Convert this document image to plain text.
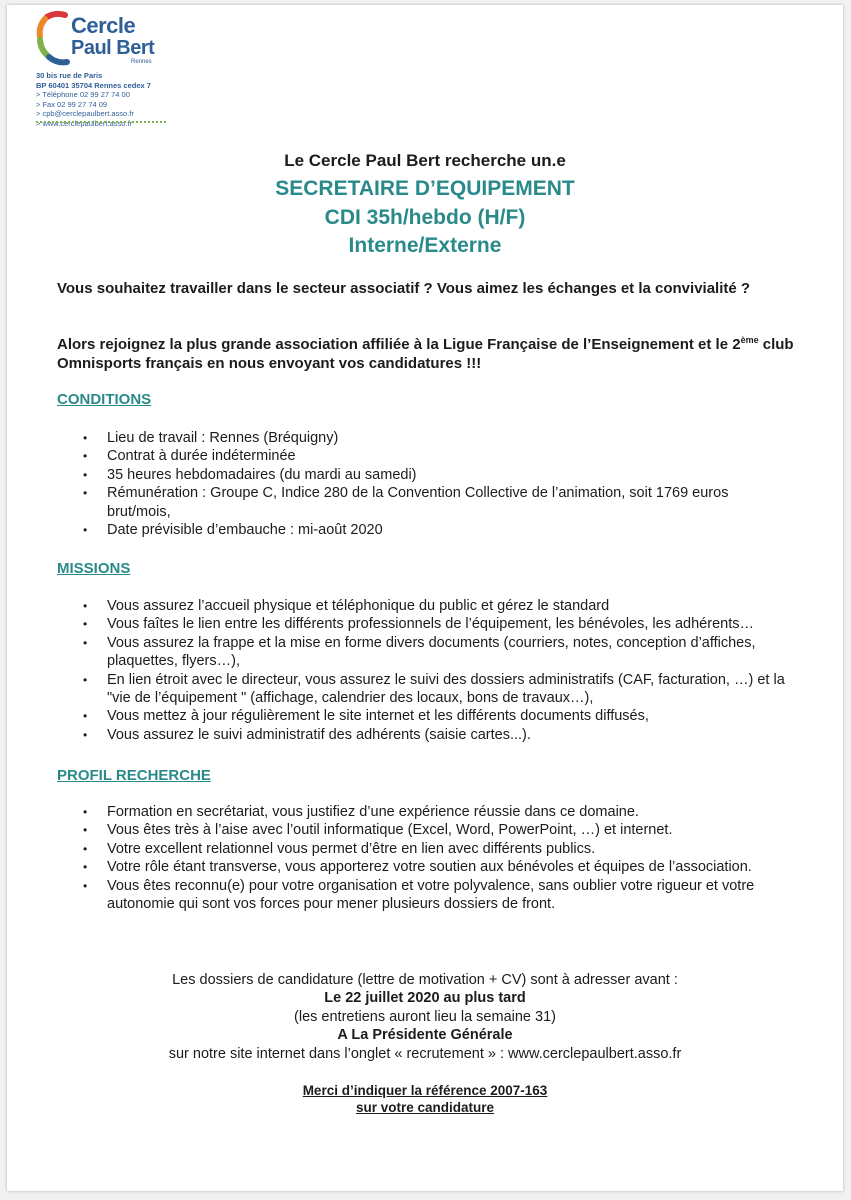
Cercle
Paul Bert
Rennes
30 bis rue de Paris
BP 60401 35704 Rennes cedex 7
> Téléphone 02 99 27 74 00
> Fax 02 99 27 74 09
> cpb@cerclepaulbert.asso.fr
> www.cerclepaulbert.asso.fr
Le Cercle Paul Bert recherche un.e
SECRETAIRE D’EQUIPEMENT
CDI 35h/hebdo (H/F)
Interne/Externe
Vous souhaitez travailler dans le secteur associatif ? Vous aimez les échanges et la convivialité ?
Alors rejoignez la plus grande association affiliée à la Ligue Française de l’Enseignement et le 2ème club Omnisports français en nous envoyant vos candidatures !!!
CONDITIONS
• Lieu de travail : Rennes (Bréquigny)
• Contrat à durée indéterminée
• 35 heures hebdomadaires (du mardi au samedi)
• Rémunération : Groupe C, Indice 280 de la Convention Collective de l’animation, soit 1769 euros brut/mois,
• Date prévisible d’embauche : mi-août 2020
MISSIONS
• Vous assurez l’accueil physique et téléphonique du public et gérez le standard
• Vous faîtes le lien entre les différents professionnels de l’équipement, les bénévoles, les adhérents…
• Vous assurez la frappe et la mise en forme divers documents (courriers, notes, conception d’affiches, plaquettes, flyers…),
• En lien étroit avec le directeur, vous assurez le suivi des dossiers administratifs (CAF, facturation, …) et la "vie de l’équipement " (affichage, calendrier des locaux, bons de travaux…),
• Vous mettez à jour régulièrement le site internet et les différents documents diffusés,
• Vous assurez le suivi administratif des adhérents (saisie cartes...).
PROFIL RECHERCHE
• Formation en secrétariat, vous justifiez d’une expérience réussie dans ce domaine.
• Vous êtes très à l’aise avec l’outil informatique (Excel, Word, PowerPoint, …) et internet.
• Votre excellent relationnel vous permet d’être en lien avec différents publics.
• Votre rôle étant transverse, vous apporterez votre soutien aux bénévoles et équipes de l’association.
• Vous êtes reconnu(e) pour votre organisation et votre polyvalence, sans oublier votre rigueur et votre autonomie qui sont vos forces pour mener plusieurs dossiers de front.
Les dossiers de candidature (lettre de motivation + CV) sont à adresser avant :
Le 22 juillet 2020 au plus tard
(les entretiens auront lieu la semaine 31)
A La Présidente Générale
sur notre site internet dans l’onglet « recrutement » : www.cerclepaulbert.asso.fr
Merci d’indiquer la référence 2007-163
sur votre candidature
